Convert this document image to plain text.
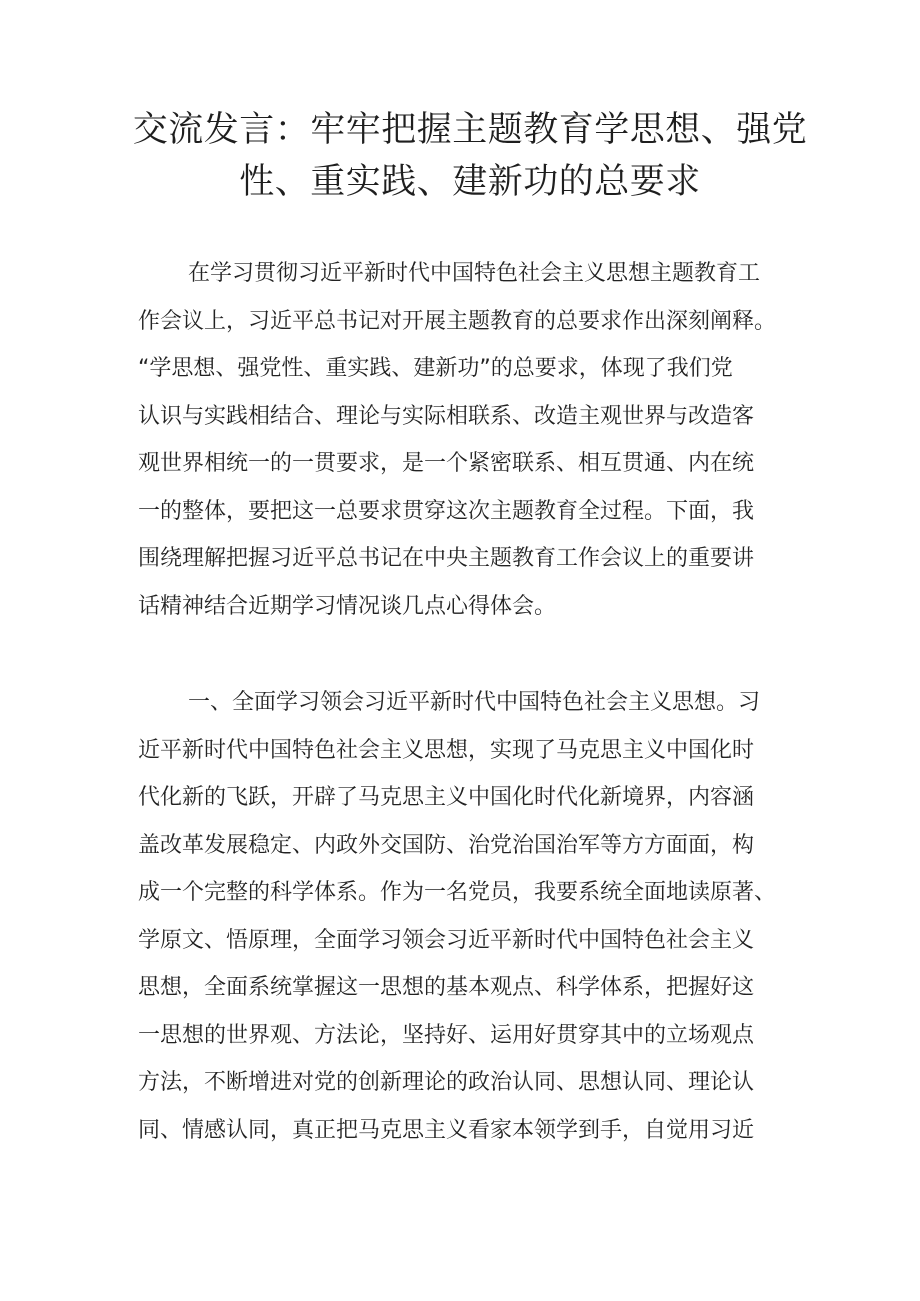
交流发言：牢牢把握主题教育学思想、强党
性、重实践、建新功的总要求
在学习贯彻习近平新时代中国特色社会主义思想主题教育工
作会议上，习近平总书记对开展主题教育的总要求作出深刻阐释。
“学思想、强党性、重实践、建新功”的总要求，体现了我们党
认识与实践相结合、理论与实际相联系、改造主观世界与改造客
观世界相统一的一贯要求，是一个紧密联系、相互贯通、内在统
一的整体，要把这一总要求贯穿这次主题教育全过程。下面，我
围绕理解把握习近平总书记在中央主题教育工作会议上的重要讲
话精神结合近期学习情况谈几点心得体会。
一、全面学习领会习近平新时代中国特色社会主义思想。习
近平新时代中国特色社会主义思想，实现了马克思主义中国化时
代化新的飞跃，开辟了马克思主义中国化时代化新境界，内容涵
盖改革发展稳定、内政外交国防、治党治国治军等方方面面，构
成一个完整的科学体系。作为一名党员，我要系统全面地读原著、
学原文、悟原理，全面学习领会习近平新时代中国特色社会主义
思想，全面系统掌握这一思想的基本观点、科学体系，把握好这
一思想的世界观、方法论，坚持好、运用好贯穿其中的立场观点
方法，不断增进对党的创新理论的政治认同、思想认同、理论认
同、情感认同，真正把马克思主义看家本领学到手，自觉用习近
